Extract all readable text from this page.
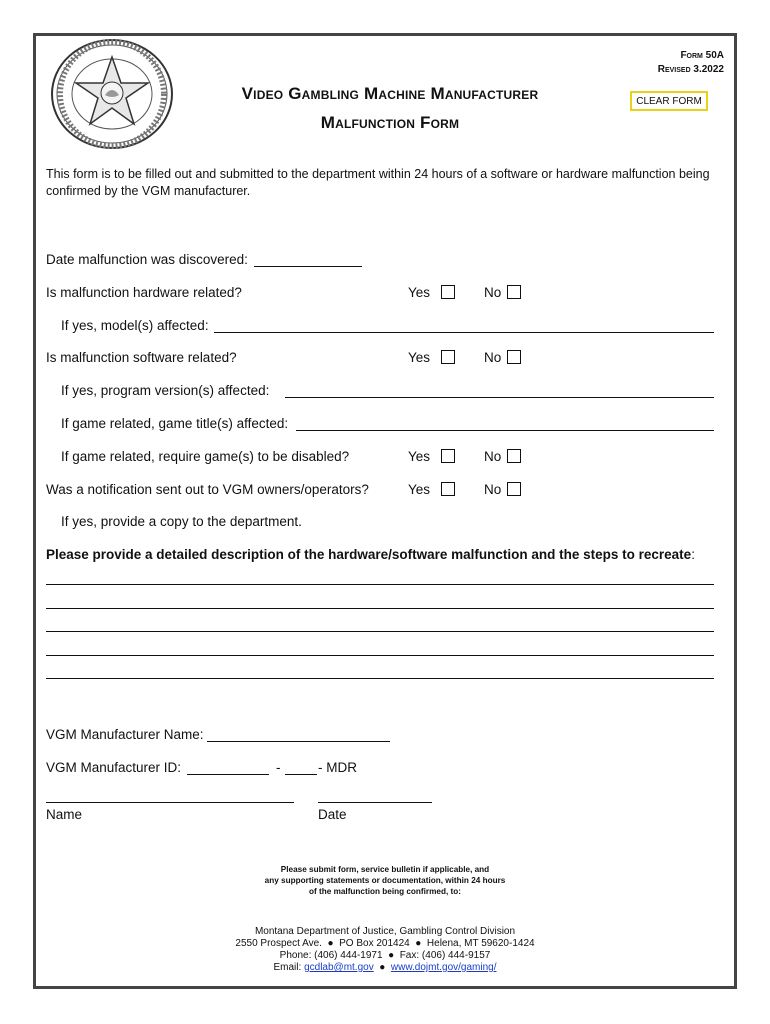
Video Gambling Machine Manufacturer
Malfunction Form
Form 50A
Revised 3.2022
CLEAR FORM
This form is to be filled out and submitted to the department within 24 hours of a software or hardware malfunction being confirmed by the VGM manufacturer.
Date malfunction was discovered:
Is malfunction hardware related?	Yes	No
If yes, model(s) affected:
Is malfunction software related?	Yes	No
If yes, program version(s) affected:
If game related, game title(s) affected:
If game related, require game(s) to be disabled?	Yes	No
Was a notification sent out to VGM owners/operators?	Yes	No
If yes, provide a copy to the department.
Please provide a detailed description of the hardware/software malfunction and the steps to recreate:
VGM Manufacturer Name:
VGM Manufacturer ID:	-	- MDR
Name	Date
Please submit form, service bulletin if applicable, and
any supporting statements or documentation, within 24 hours
of the malfunction being confirmed, to:
Montana Department of Justice, Gambling Control Division
2550 Prospect Ave. ● PO Box 201424 ● Helena, MT 59620-1424
Phone: (406) 444-1971 ● Fax: (406) 444-9157
Email: gcdlab@mt.gov ● www.dojmt.gov/gaming/
